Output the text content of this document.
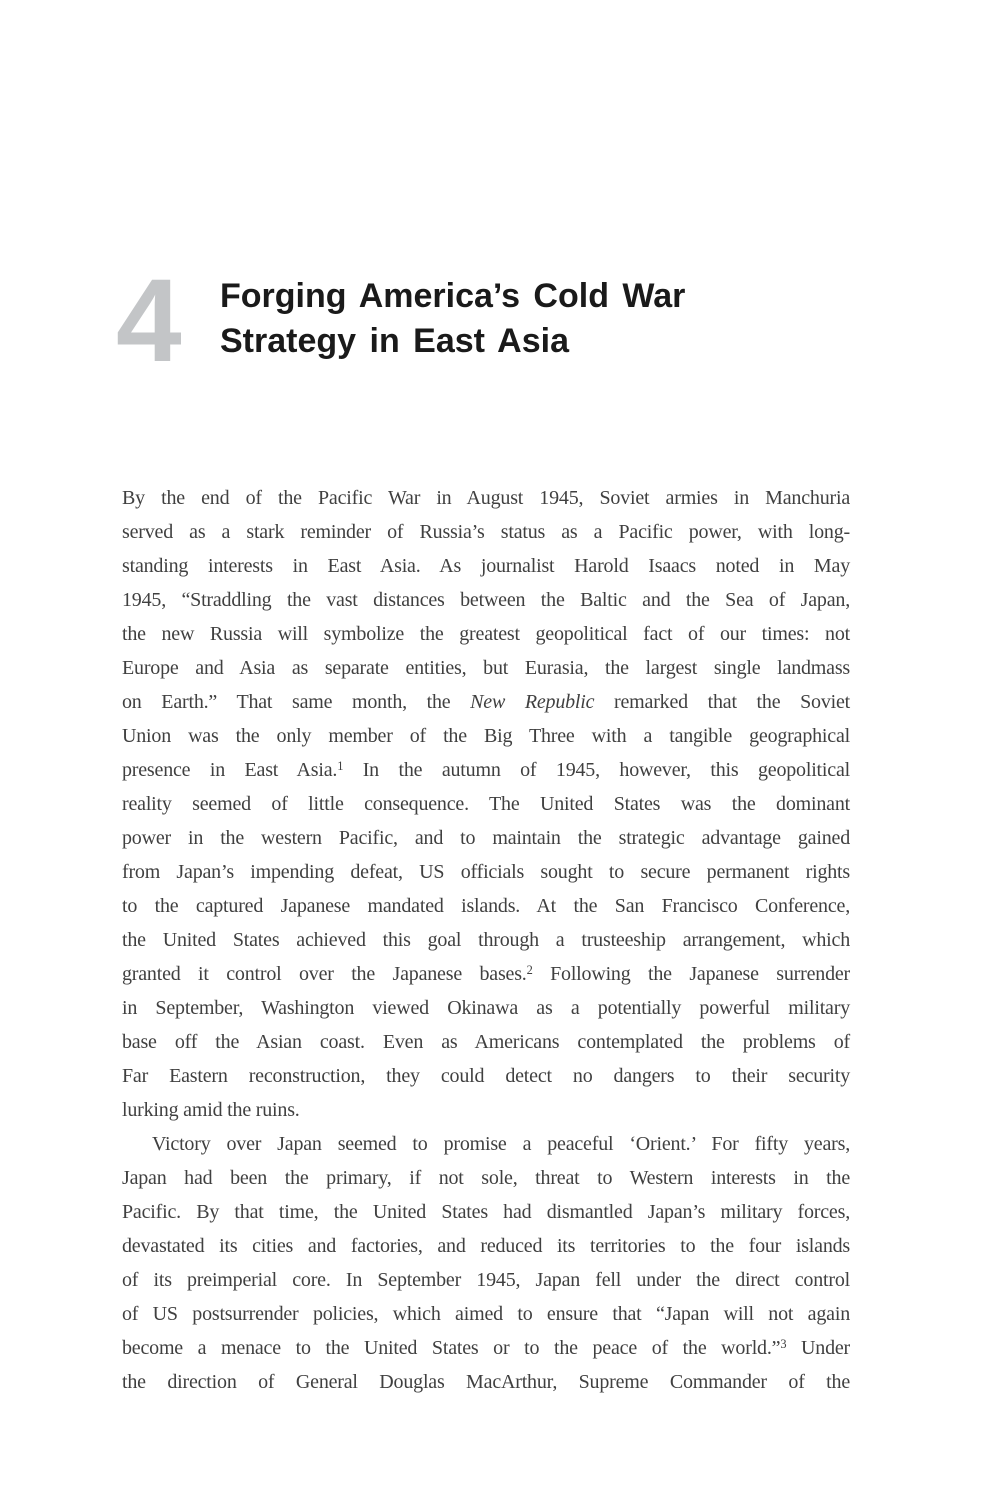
4 Forging America’s Cold War
Strategy in East Asia
By the end of the Pacific War in August 1945, Soviet armies in Manchuria
served as a stark reminder of Russia’s status as a Pacific power, with long-
standing interests in East Asia. As journalist Harold Isaacs noted in May
1945, “Straddling the vast distances between the Baltic and the Sea of Japan,
the new Russia will symbolize the greatest geopolitical fact of our times: not
Europe and Asia as separate entities, but Eurasia, the largest single landmass
on Earth.” That same month, the New Republic remarked that the Soviet
Union was the only member of the Big Three with a tangible geographical
presence in East Asia.$^1$ In the autumn of 1945, however, this geopolitical
reality seemed of little consequence. The United States was the dominant
power in the western Pacific, and to maintain the strategic advantage gained
from Japan’s impending defeat, US officials sought to secure permanent rights
to the captured Japanese mandated islands. At the San Francisco Conference,
the United States achieved this goal through a trusteeship arrangement, which
granted it control over the Japanese bases.$^2$ Following the Japanese surrender
in September, Washington viewed Okinawa as a potentially powerful military
base off the Asian coast. Even as Americans contemplated the problems of
Far Eastern reconstruction, they could detect no dangers to their security
lurking amid the ruins.
Victory over Japan seemed to promise a peaceful ‘Orient.’ For fifty years,
Japan had been the primary, if not sole, threat to Western interests in the
Pacific. By that time, the United States had dismantled Japan’s military forces,
devastated its cities and factories, and reduced its territories to the four islands
of its preimperial core. In September 1945, Japan fell under the direct control
of US postsurrender policies, which aimed to ensure that “Japan will not again
become a menace to the United States or to the peace of the world.”$^3$ Under
the direction of General Douglas MacArthur, Supreme Commander of the
